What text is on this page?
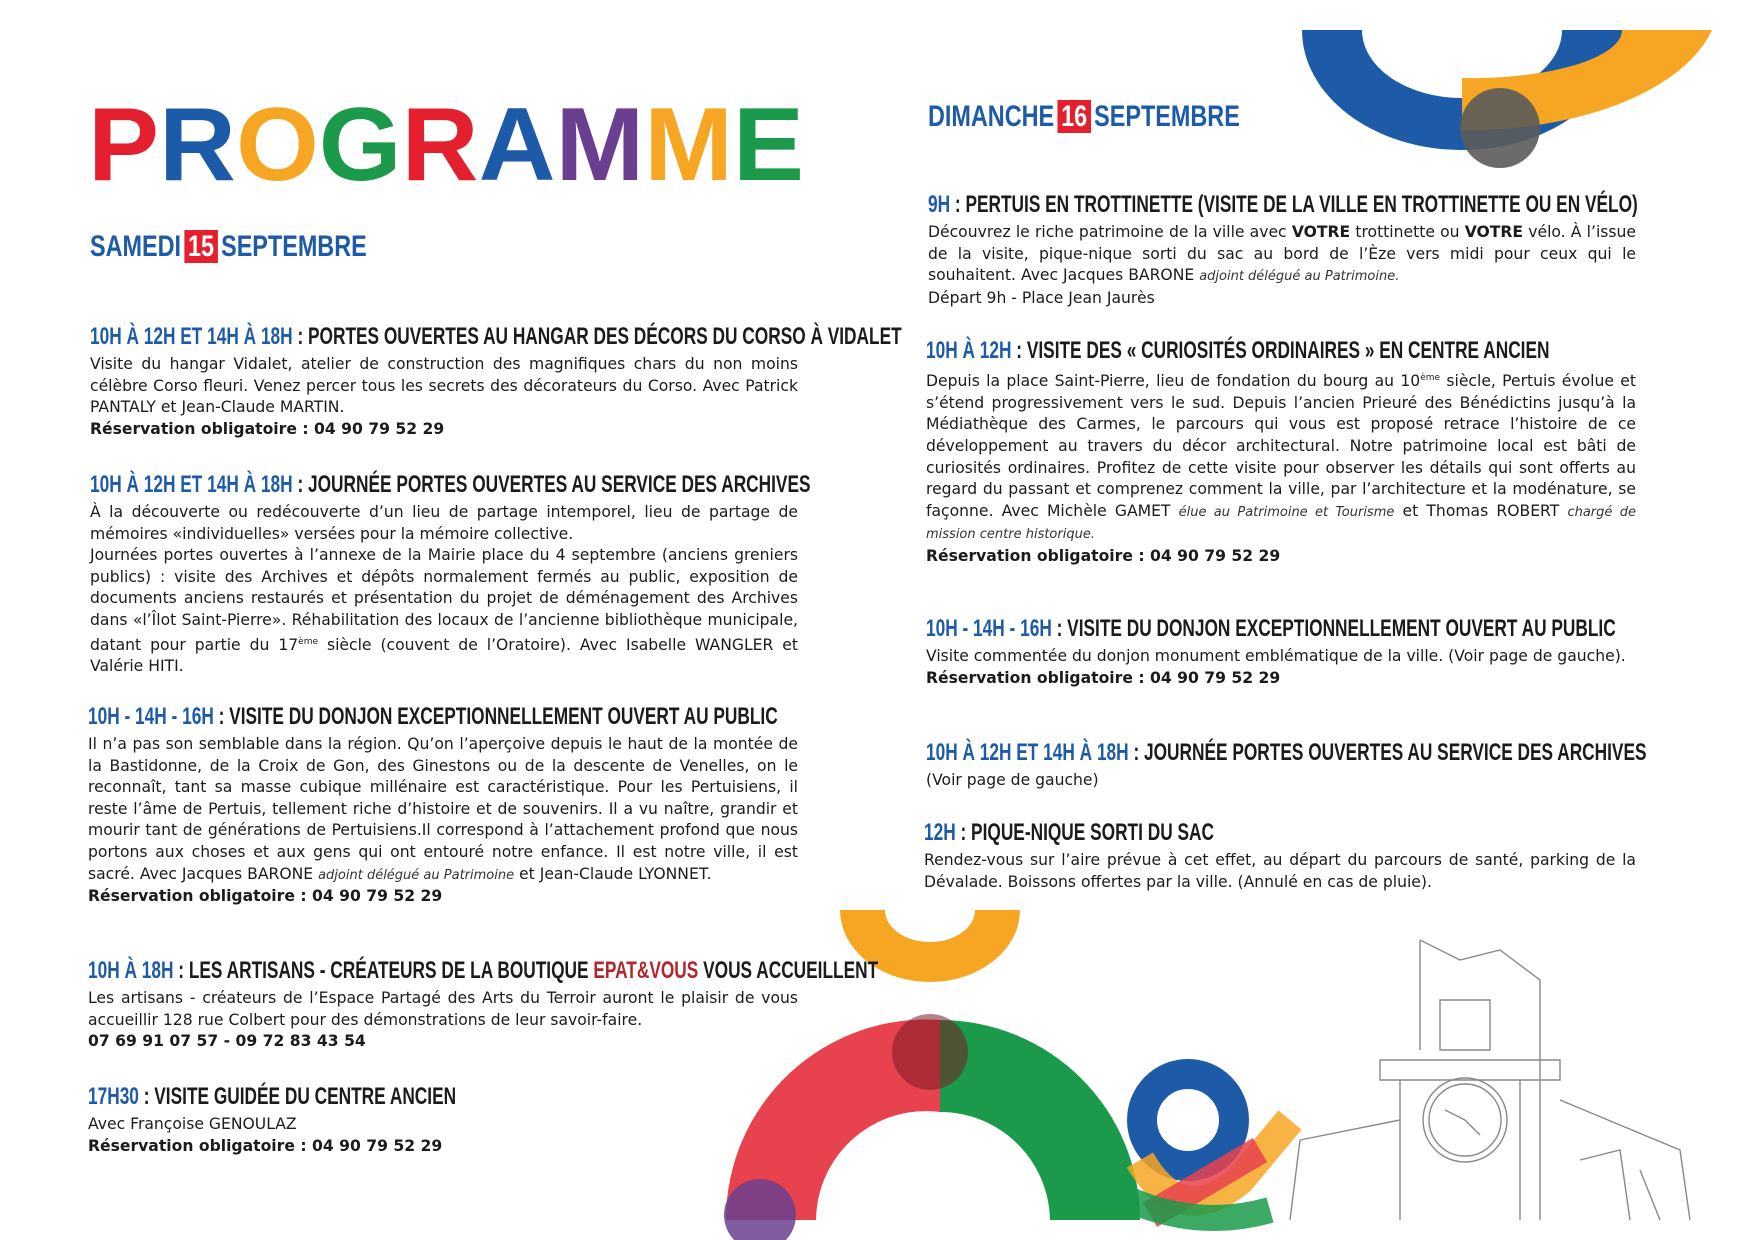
PROGRAMME
SAMEDI 15 SEPTEMBRE
10H À 12H ET 14H À 18H : PORTES OUVERTES AU HANGAR DES DÉCORS DU CORSO À VIDALET

Visite du hangar Vidalet, atelier de construction des magnifiques chars du non moins célèbre Corso fleuri. Venez percer tous les secrets des décorateurs du Corso. Avec Patrick PANTALY et Jean-Claude MARTIN.

Réservation obligatoire : 04 90 79 52 29

10H À 12H ET 14H À 18H : JOURNÉE PORTES OUVERTES AU SERVICE DES ARCHIVES

À la découverte ou redécouverte d’un lieu de partage intemporel, lieu de partage de mémoires «individuelles» versées pour la mémoire collective.

Journées portes ouvertes à l’annexe de la Mairie place du 4 septembre (anciens greniers publics) : visite des Archives et dépôts normalement fermés au public, exposition de documents anciens restaurés et présentation du projet de déménagement des Archives dans «l’Îlot Saint-Pierre». Réhabilitation des locaux de l’ancienne bibliothèque municipale, datant pour partie du 17ème siècle (couvent de l’Oratoire). Avec Isabelle WANGLER et Valérie HITI.

10H - 14H - 16H : VISITE DU DONJON EXCEPTIONNELLEMENT OUVERT AU PUBLIC

Il n’a pas son semblable dans la région. Qu’on l’aperçoive depuis le haut de la montée de la Bastidonne, de la Croix de Gon, des Ginestons ou de la descente de Venelles, on le reconnaît, tant sa masse cubique millénaire est caractéristique. Pour les Pertuisiens, il reste l’âme de Pertuis, tellement riche d’histoire et de souvenirs. Il a vu naître, grandir et mourir tant de générations de Pertuisiens.Il correspond à l’attachement profond que nous portons aux choses et aux gens qui ont entouré notre enfance. Il est notre ville, il est sacré. Avec Jacques BARONE adjoint délégué au Patrimoine et Jean-Claude LYONNET.

Réservation obligatoire : 04 90 79 52 29

10H À 18H : LES ARTISANS - CRÉATEURS DE LA BOUTIQUE EPAT&VOUS VOUS ACCUEILLENT

Les artisans - créateurs de l’Espace Partagé des Arts du Terroir auront le plaisir de vous accueillir 128 rue Colbert pour des démonstrations de leur savoir-faire.

07 69 91 07 57 - 09 72 83 43 54

17H30 : VISITE GUIDÉE DU CENTRE ANCIEN

Avec Françoise GENOULAZ

Réservation obligatoire : 04 90 79 52 29

DIMANCHE 16 SEPTEMBRE
9H : PERTUIS EN TROTTINETTE (VISITE DE LA VILLE EN TROTTINETTE OU EN VÉLO)

Découvrez le riche patrimoine de la ville avec VOTRE trottinette ou VOTRE vélo. À l’issue de la visite, pique-nique sorti du sac au bord de l’Èze vers midi pour ceux qui le souhaitent. Avec Jacques BARONE adjoint délégué au Patrimoine.

Départ 9h - Place Jean Jaurès

10H À 12H : VISITE DES « CURIOSITÉS ORDINAIRES » EN CENTRE ANCIEN

Depuis la place Saint-Pierre, lieu de fondation du bourg au 10ème siècle, Pertuis évolue et s’étend progressivement vers le sud. Depuis l’ancien Prieuré des Bénédictins jusqu’à la Médiathèque des Carmes, le parcours qui vous est proposé retrace l’histoire de ce développement au travers du décor architectural. Notre patrimoine local est bâti de curiosités ordinaires. Profitez de cette visite pour observer les détails qui sont offerts au regard du passant et comprenez comment la ville, par l’architecture et la modénature, se façonne. Avec Michèle GAMET élue au Patrimoine et Tourisme et Thomas ROBERT chargé de mission centre historique.

Réservation obligatoire : 04 90 79 52 29

10H - 14H - 16H : VISITE DU DONJON EXCEPTIONNELLEMENT OUVERT AU PUBLIC

Visite commentée du donjon monument emblématique de la ville. (Voir page de gauche).

Réservation obligatoire : 04 90 79 52 29

10H À 12H ET 14H À 18H : JOURNÉE PORTES OUVERTES AU SERVICE DES ARCHIVES

(Voir page de gauche)

12H : PIQUE-NIQUE SORTI DU SAC

Rendez-vous sur l’aire prévue à cet effet, au départ du parcours de santé, parking de la Dévalade. Boissons offertes par la ville. (Annulé en cas de pluie).
